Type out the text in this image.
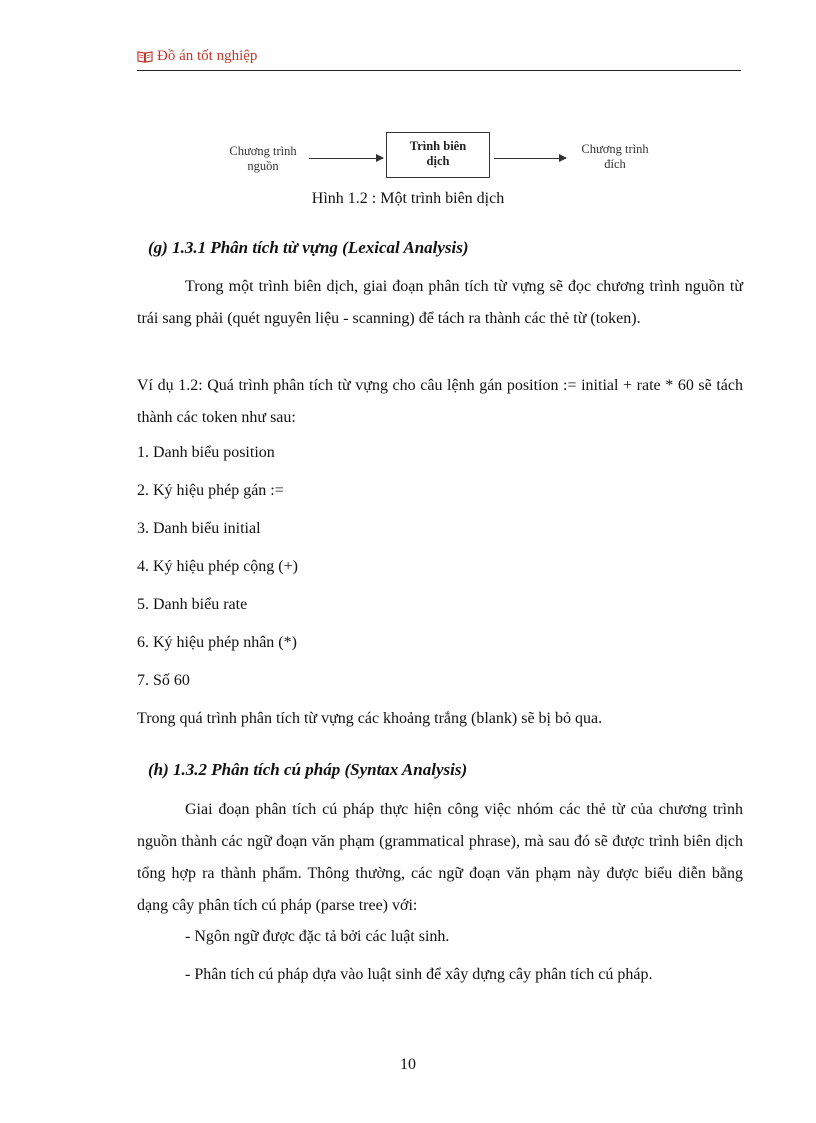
Đồ án tốt nghiệp
Chương trình
nguồn
Trình biên
dịch
Chương trình
đích
Hình 1.2 : Một trình biên dịch
(g) 1.3.1 Phân tích từ vựng (Lexical Analysis)
Trong một trình biên dịch, giai đoạn phân tích từ vựng sẽ đọc chương trình nguồn từ trái sang phải (quét nguyên liệu - scanning) để tách ra thành các thẻ từ (token).
Ví dụ 1.2: Quá trình phân tích từ vựng cho câu lệnh gán position := initial + rate * 60 sẽ tách thành các token như sau:
1. Danh biểu position
2. Ký hiệu phép gán :=
3. Danh biểu initial
4. Ký hiệu phép cộng (+)
5. Danh biểu rate
6. Ký hiệu phép nhân (*)
7. Số 60
Trong quá trình phân tích từ vựng các khoảng trắng (blank) sẽ bị bỏ qua.
(h) 1.3.2 Phân tích cú pháp (Syntax Analysis)
Giai đoạn phân tích cú pháp thực hiện công việc nhóm các thẻ từ của chương trình nguồn thành các ngữ đoạn văn phạm (grammatical phrase), mà sau đó sẽ được trình biên dịch tổng hợp ra thành phẩm. Thông thường, các ngữ đoạn văn phạm này được biểu diễn bằng dạng cây phân tích cú pháp (parse tree) với:
- Ngôn ngữ được đặc tả bởi các luật sinh.
- Phân tích cú pháp dựa vào luật sinh để xây dựng cây phân tích cú pháp.
10
